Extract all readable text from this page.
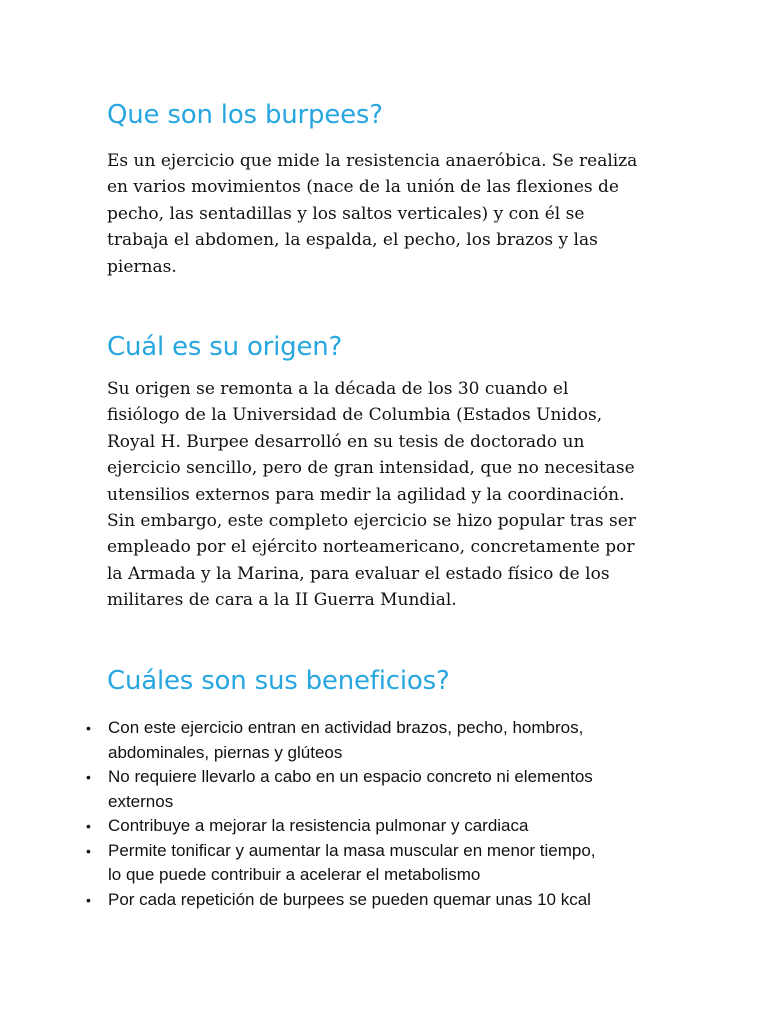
Que son los burpees?

Es un ejercicio que mide la resistencia anaeróbica. Se realiza
en varios movimientos (nace de la unión de las flexiones de
pecho, las sentadillas y los saltos verticales) y con él se
trabaja el abdomen, la espalda, el pecho, los brazos y las
piernas.

Cuál es su origen?

Su origen se remonta a la década de los 30 cuando el
fisiólogo de la Universidad de Columbia (Estados Unidos,
Royal H. Burpee desarrolló en su tesis de doctorado un
ejercicio sencillo, pero de gran intensidad, que no necesitase
utensilios externos para medir la agilidad y la coordinación.
Sin embargo, este completo ejercicio se hizo popular tras ser
empleado por el ejército norteamericano, concretamente por
la Armada y la Marina, para evaluar el estado físico de los
militares de cara a la II Guerra Mundial.

Cuáles son sus beneficios?
• Con este ejercicio entran en actividad brazos, pecho, hombros,
abdominales, piernas y glúteos
• No requiere llevarlo a cabo en un espacio concreto ni elementos
externos
• Contribuye a mejorar la resistencia pulmonar y cardiaca
• Permite tonificar y aumentar la masa muscular en menor tiempo,
lo que puede contribuir a acelerar el metabolismo
• Por cada repetición de burpees se pueden quemar unas 10 kcal
